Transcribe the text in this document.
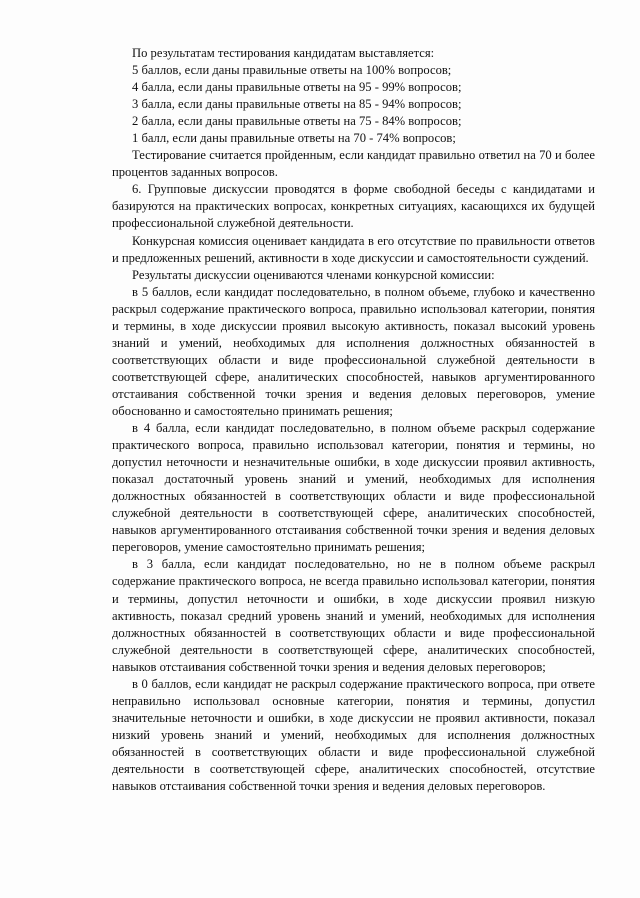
По результатам тестирования кандидатам выставляется:

5 баллов, если даны правильные ответы на 100% вопросов;

4 балла, если даны правильные ответы на 95 - 99% вопросов;

3 балла, если даны правильные ответы на 85 - 94% вопросов;

2 балла, если даны правильные ответы на 75 - 84% вопросов;

1 балл, если даны правильные ответы на 70 - 74% вопросов;

Тестирование считается пройденным, если кандидат правильно ответил на 70 и более процентов заданных вопросов.

6. Групповые дискуссии проводятся в форме свободной беседы с кандидатами и базируются на практических вопросах, конкретных ситуациях, касающихся их будущей профессиональной служебной деятельности.

Конкурсная комиссия оценивает кандидата в его отсутствие по правильности ответов и предложенных решений, активности в ходе дискуссии и самостоятельности суждений.

Результаты дискуссии оцениваются членами конкурсной комиссии:

в 5 баллов, если кандидат последовательно, в полном объеме, глубоко и качественно раскрыл содержание практического вопроса, правильно использовал категории, понятия и термины, в ходе дискуссии проявил высокую активность, показал высокий уровень знаний и умений, необходимых для исполнения должностных обязанностей в соответствующих области и виде профессиональной служебной деятельности в соответствующей сфере, аналитических способностей, навыков аргументированного отстаивания собственной точки зрения и ведения деловых переговоров, умение обоснованно и самостоятельно принимать решения;

в 4 балла, если кандидат последовательно, в полном объеме раскрыл содержание практического вопроса, правильно использовал категории, понятия и термины, но допустил неточности и незначительные ошибки, в ходе дискуссии проявил активность, показал достаточный уровень знаний и умений, необходимых для исполнения должностных обязанностей в соответствующих области и виде профессиональной служебной деятельности в соответствующей сфере, аналитических способностей, навыков аргументированного отстаивания собственной точки зрения и ведения деловых переговоров, умение самостоятельно принимать решения;

в 3 балла, если кандидат последовательно, но не в полном объеме раскрыл содержание практического вопроса, не всегда правильно использовал категории, понятия и термины, допустил неточности и ошибки, в ходе дискуссии проявил низкую активность, показал средний уровень знаний и умений, необходимых для исполнения должностных обязанностей в соответствующих области и виде профессиональной служебной деятельности в соответствующей сфере, аналитических способностей, навыков отстаивания собственной точки зрения и ведения деловых переговоров;

в 0 баллов, если кандидат не раскрыл содержание практического вопроса, при ответе неправильно использовал основные категории, понятия и термины, допустил значительные неточности и ошибки, в ходе дискуссии не проявил активности, показал низкий уровень знаний и умений, необходимых для исполнения должностных обязанностей в соответствующих области и виде профессиональной служебной деятельности в соответствующей сфере, аналитических способностей, отсутствие навыков отстаивания собственной точки зрения и ведения деловых переговоров.
